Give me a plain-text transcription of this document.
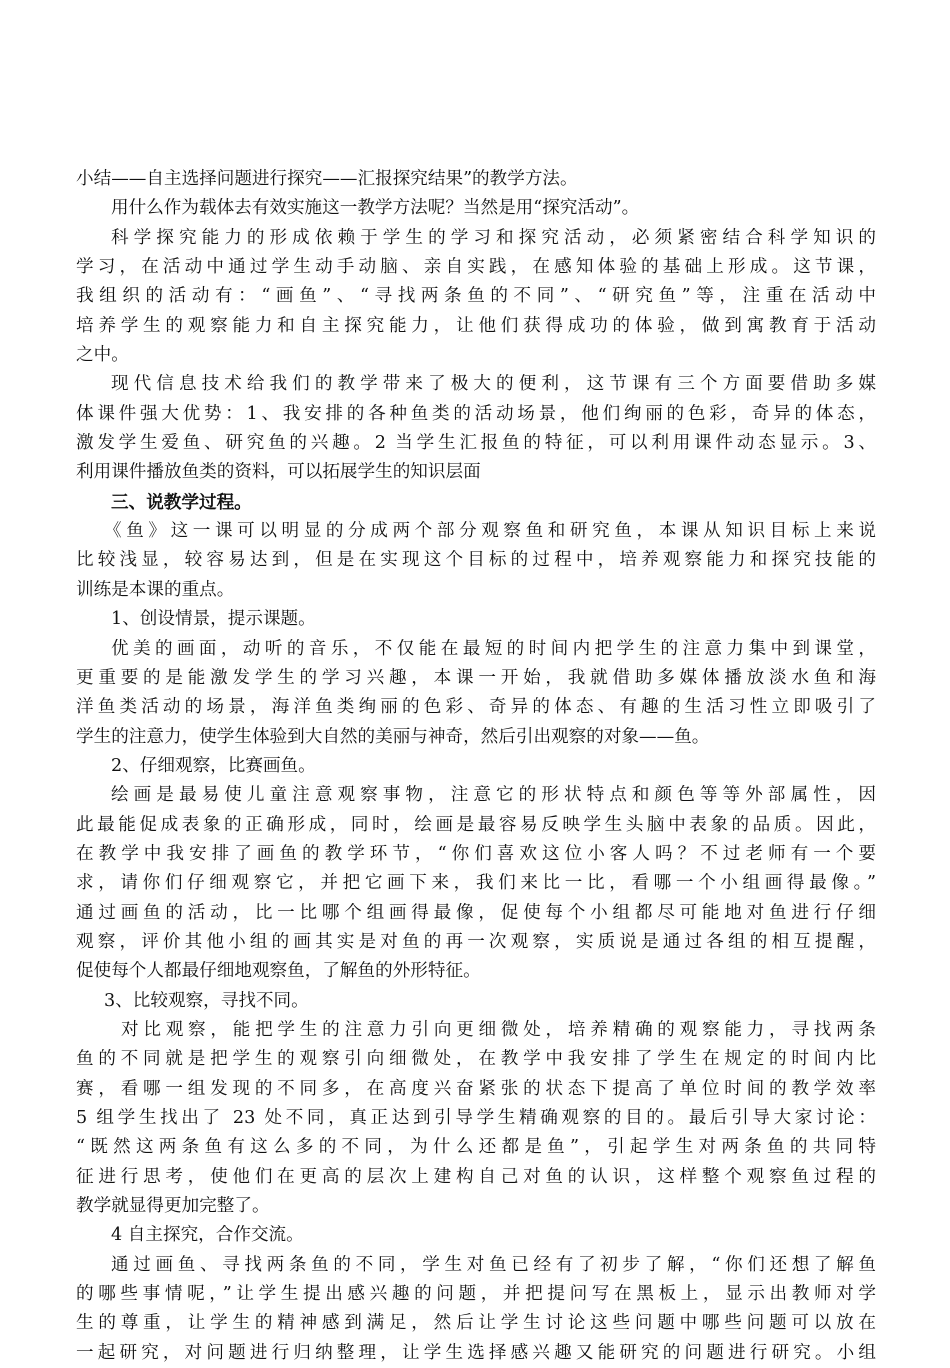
小结——自主选择问题进行探究——汇报探究结果”的教学方法。
用什么作为载体去有效实施这一教学方法呢？当然是用“探究活动”。
科学探究能力的形成依赖于学生的学习和探究活动，必须紧密结合科学知识的
学习，在活动中通过学生动手动脑、亲自实践，在感知体验的基础上形成。这节课，
我组织的活动有：“画鱼”、“寻找两条鱼的不同”、“研究鱼”等，注重在活动中
培养学生的观察能力和自主探究能力，让他们获得成功的体验，做到寓教育于活动
之中。
现代信息技术给我们的教学带来了极大的便利，这节课有三个方面要借助多媒
体课件强大优势：1、我安排的各种鱼类的活动场景，他们绚丽的色彩，奇异的体态，
激发学生爱鱼、研究鱼的兴趣。2 当学生汇报鱼的特征，可以利用课件动态显示。3、
利用课件播放鱼类的资料，可以拓展学生的知识层面
三、说教学过程。
《鱼》这一课可以明显的分成两个部分观察鱼和研究鱼，本课从知识目标上来说
比较浅显，较容易达到，但是在实现这个目标的过程中，培养观察能力和探究技能的
训练是本课的重点。
1、创设情景，提示课题。
优美的画面，动听的音乐，不仅能在最短的时间内把学生的注意力集中到课堂，
更重要的是能激发学生的学习兴趣，本课一开始，我就借助多媒体播放淡水鱼和海
洋鱼类活动的场景，海洋鱼类绚丽的色彩、奇异的体态、有趣的生活习性立即吸引了
学生的注意力，使学生体验到大自然的美丽与神奇，然后引出观察的对象——鱼。
2、仔细观察，比赛画鱼。
绘画是最易使儿童注意观察事物，注意它的形状特点和颜色等等外部属性，因
此最能促成表象的正确形成，同时，绘画是最容易反映学生头脑中表象的品质。因此，
在教学中我安排了画鱼的教学环节，“你们喜欢这位小客人吗？不过老师有一个要
求，请你们仔细观察它，并把它画下来，我们来比一比，看哪一个小组画得最像。”
通过画鱼的活动，比一比哪个组画得最像，促使每个小组都尽可能地对鱼进行仔细
观察，评价其他小组的画其实是对鱼的再一次观察，实质说是通过各组的相互提醒，
促使每个人都最仔细地观察鱼，了解鱼的外形特征。
3、比较观察，寻找不同。
对比观察，能把学生的注意力引向更细微处，培养精确的观察能力，寻找两条
鱼的不同就是把学生的观察引向细微处，在教学中我安排了学生在规定的时间内比
赛，看哪一组发现的不同多，在高度兴奋紧张的状态下提高了单位时间的教学效率
5 组学生找出了 23 处不同，真正达到引导学生精确观察的目的。最后引导大家讨论：
“既然这两条鱼有这么多的不同，为什么还都是鱼”，引起学生对两条鱼的共同特
征进行思考，使他们在更高的层次上建构自己对鱼的认识，这样整个观察鱼过程的
教学就显得更加完整了。
4 自主探究，合作交流。
通过画鱼、寻找两条鱼的不同，学生对鱼已经有了初步了解，“你们还想了解鱼
的哪些事情呢，”让学生提出感兴趣的问题，并把提问写在黑板上，显示出教师对学
生的尊重，让学生的精神感到满足，然后让学生讨论这些问题中哪些问题可以放在
一起研究，对问题进行归纳整理，让学生选择感兴趣又能研究的问题进行研究。小组
